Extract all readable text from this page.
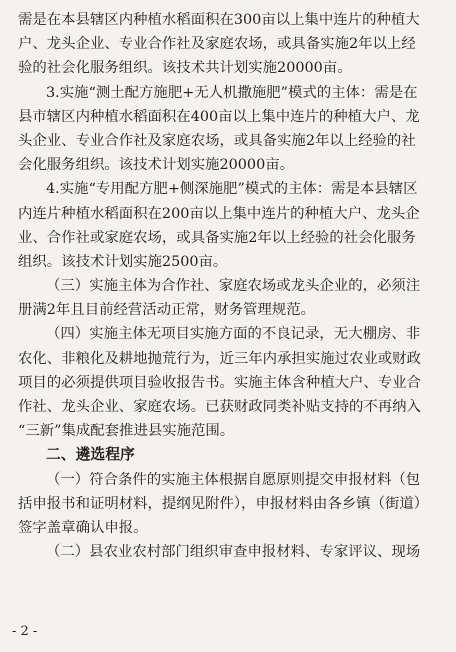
需是在本县辖区内种植水稻面积在300亩以上集中连片的种植大
户、龙头企业、专业合作社及家庭农场，或具备实施2年以上经
验的社会化服务组织。该技术共计划实施20000亩。
3.实施“测土配方施肥+无人机撒施肥”模式的主体：需是在
县市辖区内种植水稻面积在400亩以上集中连片的种植大户、龙
头企业、专业合作社及家庭农场，或具备实施2年以上经验的社
会化服务组织。该技术计划实施20000亩。
4.实施“专用配方肥+侧深施肥”模式的主体：需是本县辖区
内连片种植水稻面积在200亩以上集中连片的种植大户、龙头企
业、合作社或家庭农场，或具备实施2年以上经验的社会化服务
组织。该技术计划实施2500亩。
（三）实施主体为合作社、家庭农场或龙头企业的，必须注
册满2年且目前经营活动正常，财务管理规范。
（四）实施主体无项目实施方面的不良记录，无大棚房、非
农化、非粮化及耕地抛荒行为，近三年内承担实施过农业或财政
项目的必须提供项目验收报告书。实施主体含种植大户、专业合
作社、龙头企业、家庭农场。已获财政同类补贴支持的不再纳入
“三新”集成配套推进县实施范围。
二、遴选程序
（一）符合条件的实施主体根据自愿原则提交申报材料（包
括申报书和证明材料，提纲见附件），申报材料由各乡镇（街道）
签字盖章确认申报。
（二）县农业农村部门组织审查申报材料、专家评议、现场
- 2 -
